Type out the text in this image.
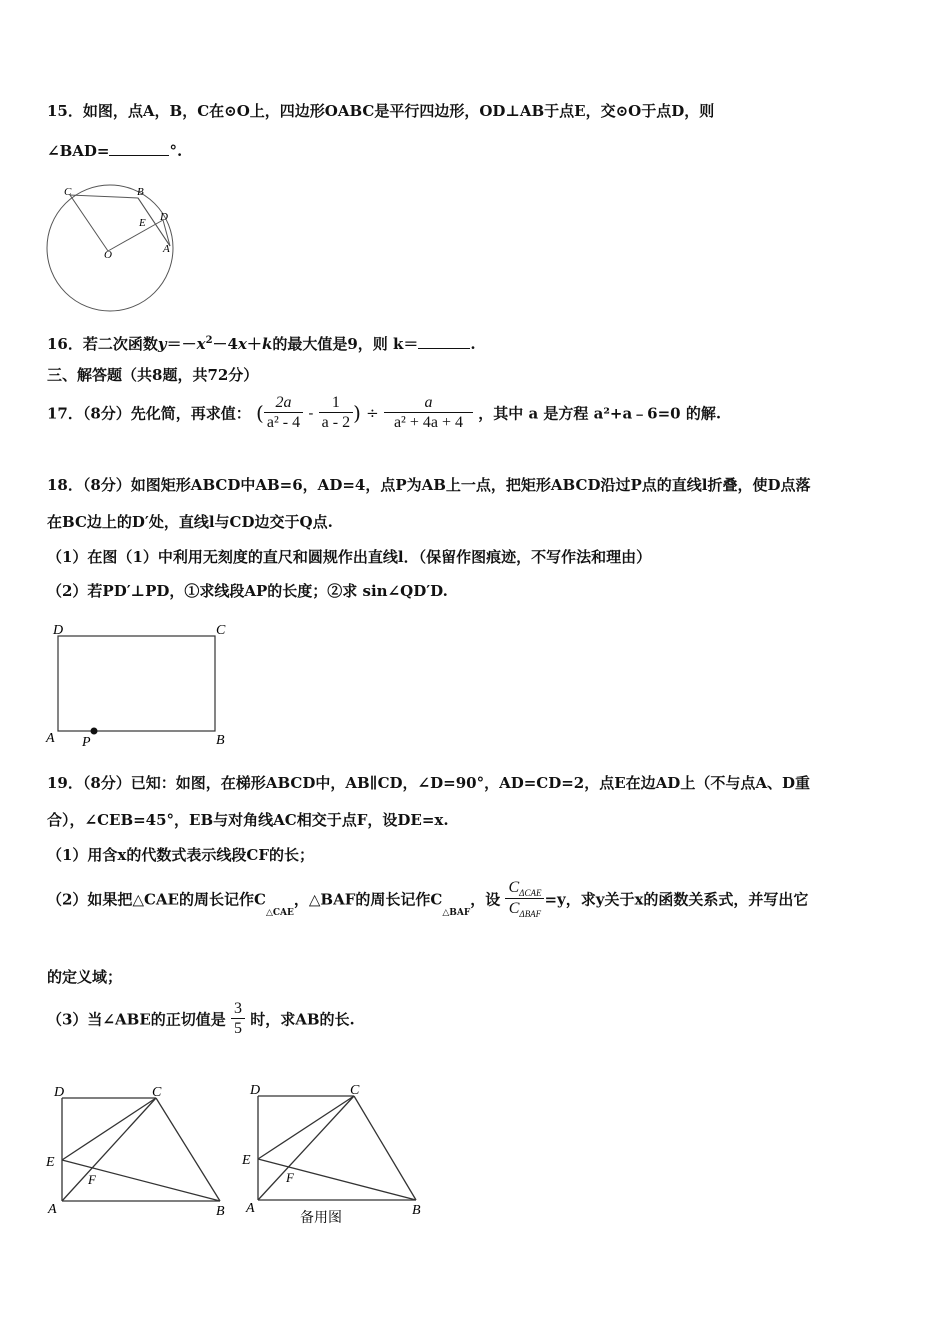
15．如图，点A，B，C在⊙O上，四边形OABC是平行四边形，OD⊥AB于点E，交⊙O于点D，则
∠BAD=	°.
C	B
E D
A
O
16．若二次函数$y=-x^2-4x+k$的最大值是9，则 k＝	.
三、解答题（共8题，共72分）
17．（8分）先化简，再求值： ( $\frac{2a}{\text{a² - 4}} - \frac{1}{a - 2}$ ) ÷ $\frac{a}{\text{a² + 4a + 4}}$ ，其中 a 是方程 a²+a﹣6=0 的解.
18．（8分）如图矩形ABCD中AB=6，AD=4，点P为AB上一点，把矩形ABCD沿过P点的直线l折叠，使D点落
在BC边上的D′处，直线l与CD边交于Q点.
（1）在图（1）中利用无刻度的直尺和圆规作出直线l．（保留作图痕迹，不写作法和理由）
（2）若PD′⊥PD，①求线段AP的长度；②求 sin∠QD′D.
D	C
A P	B
19．（8分）已知：如图，在梯形ABCD中，AB∥CD，∠D=90°，AD=CD=2，点E在边AD上（不与点A、D重
合），∠CEB=45°，EB与对角线AC相交于点F，设DE=x.
（1）用含x的代数式表示线段CF的长；
（2）如果把△CAE的周长记作$C_{\triangle CAE}$，△BAF的周长记作$C_{\triangle BAF}$，设 $\frac{C_{\Delta CAE}}{C_{\Delta BAF}} =y$，求y关于x的函数关系式，并写出它
的定义域；
（3）当∠ABE的正切值是 $\frac{3}{5}$ 时，求AB的长.
D	C
E
F
A	B
D	C
E
F
A	B
备用图
